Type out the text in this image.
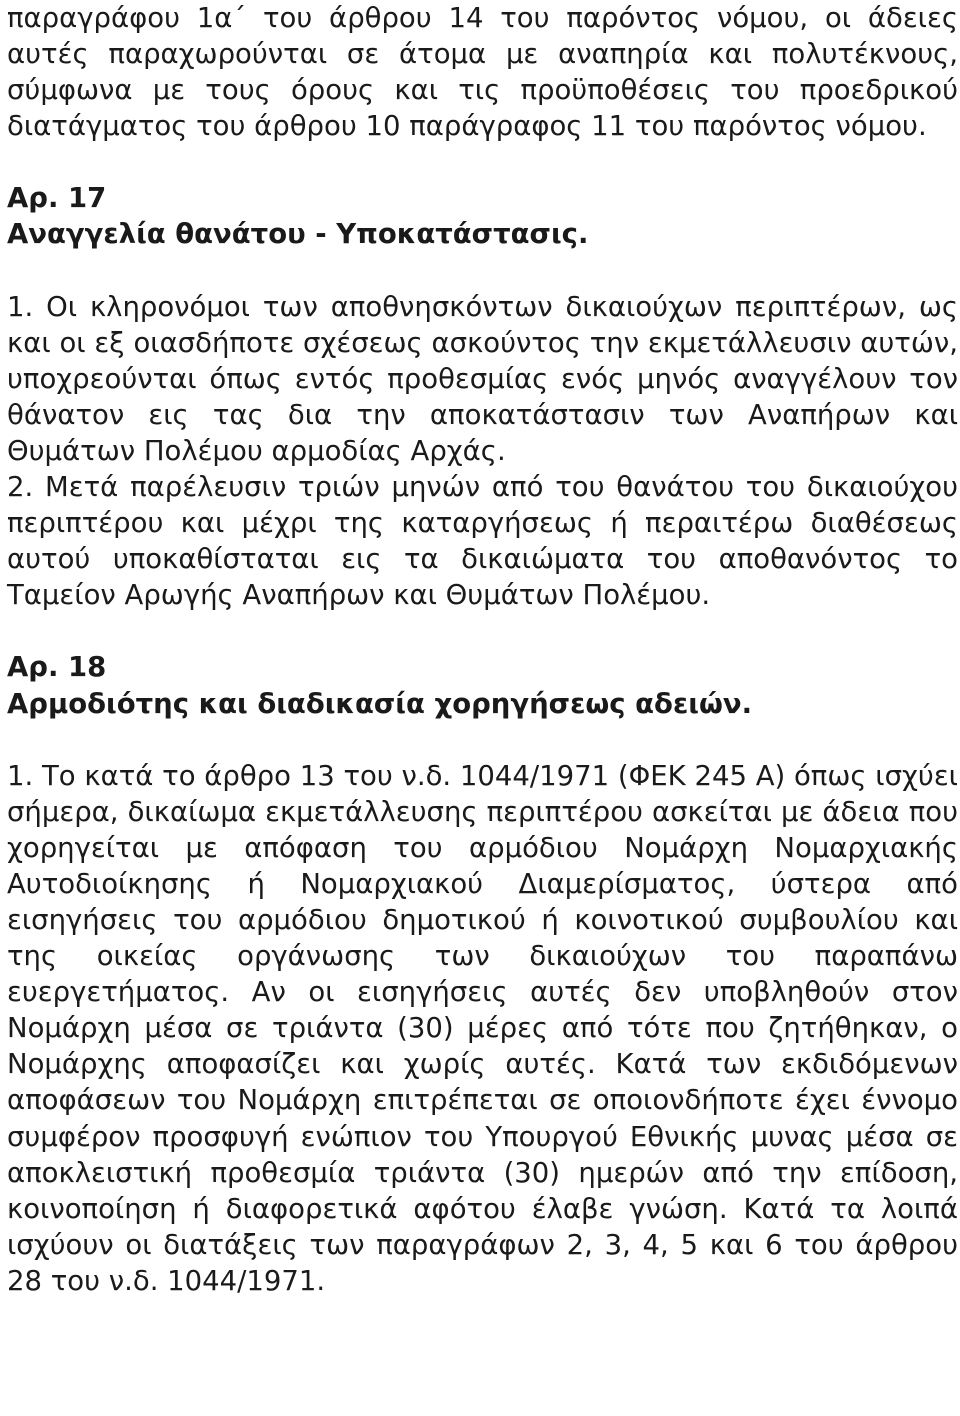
παραγράφου 1α΄ του άρθρου 14 του παρόντος νόμου, οι άδειες αυτές παραχωρούνται σε άτομα με αναπηρία και πολυτέκνους, σύμφωνα με τους όρους και τις προϋποθέσεις του προεδρικού διατάγματος του άρθρου 10 παράγραφος 11 του παρόντος νόμου.

Αρ. 17

Αναγγελία θανάτου - Υποκατάστασις.

1. Οι κληρονόμοι των αποθνησκόντων δικαιούχων περιπτέρων, ως και οι εξ οιασδήποτε σχέσεως ασκούντος την εκμετάλλευσιν αυτών, υποχρεούνται όπως εντός προθεσμίας ενός μηνός αναγγέλουν τον θάνατον εις τας δια την αποκατάστασιν των Αναπήρων και Θυμάτων Πολέμου αρμοδίας Αρχάς.

2. Μετά παρέλευσιν τριών μηνών από του θανάτου του δικαιούχου περιπτέρου και μέχρι της καταργήσεως ή περαιτέρω διαθέσεως αυτού υποκαθίσταται εις τα δικαιώματα του αποθανόντος το Ταμείον Αρωγής Αναπήρων και Θυμάτων Πολέμου.

Αρ. 18

Αρμοδιότης και διαδικασία χορηγήσεως αδειών.

1. Το κατά το άρθρο 13 του ν.δ. 1044/1971 (ΦΕΚ 245 Α) όπως ισχύει σήμερα, δικαίωμα εκμετάλλευσης περιπτέρου ασκείται με άδεια που χορηγείται με απόφαση του αρμόδιου Νομάρχη Νομαρχιακής Αυτοδιοίκησης ή Νομαρχιακού Διαμερίσματος, ύστερα από εισηγήσεις του αρμόδιου δημοτικού ή κοινοτικού συμβουλίου και της οικείας οργάνωσης των δικαιούχων του παραπάνω ευεργετήματος. Αν οι εισηγήσεις αυτές δεν υποβληθούν στον Νομάρχη μέσα σε τριάντα (30) μέρες από τότε που ζητήθηκαν, ο Νομάρχης αποφασίζει και χωρίς αυτές. Κατά των εκδιδόμενων αποφάσεων του Νομάρχη επιτρέπεται σε οποιονδήποτε έχει έννομο συμφέρον προσφυγή ενώπιον του Υπουργού Εθνικής μυνας μέσα σε αποκλειστική προθεσμία τριάντα (30) ημερών από την επίδοση, κοινοποίηση ή διαφορετικά αφότου έλαβε γνώση. Κατά τα λοιπά ισχύουν οι διατάξεις των παραγράφων 2, 3, 4, 5 και 6 του άρθρου 28 του ν.δ. 1044/1971.
